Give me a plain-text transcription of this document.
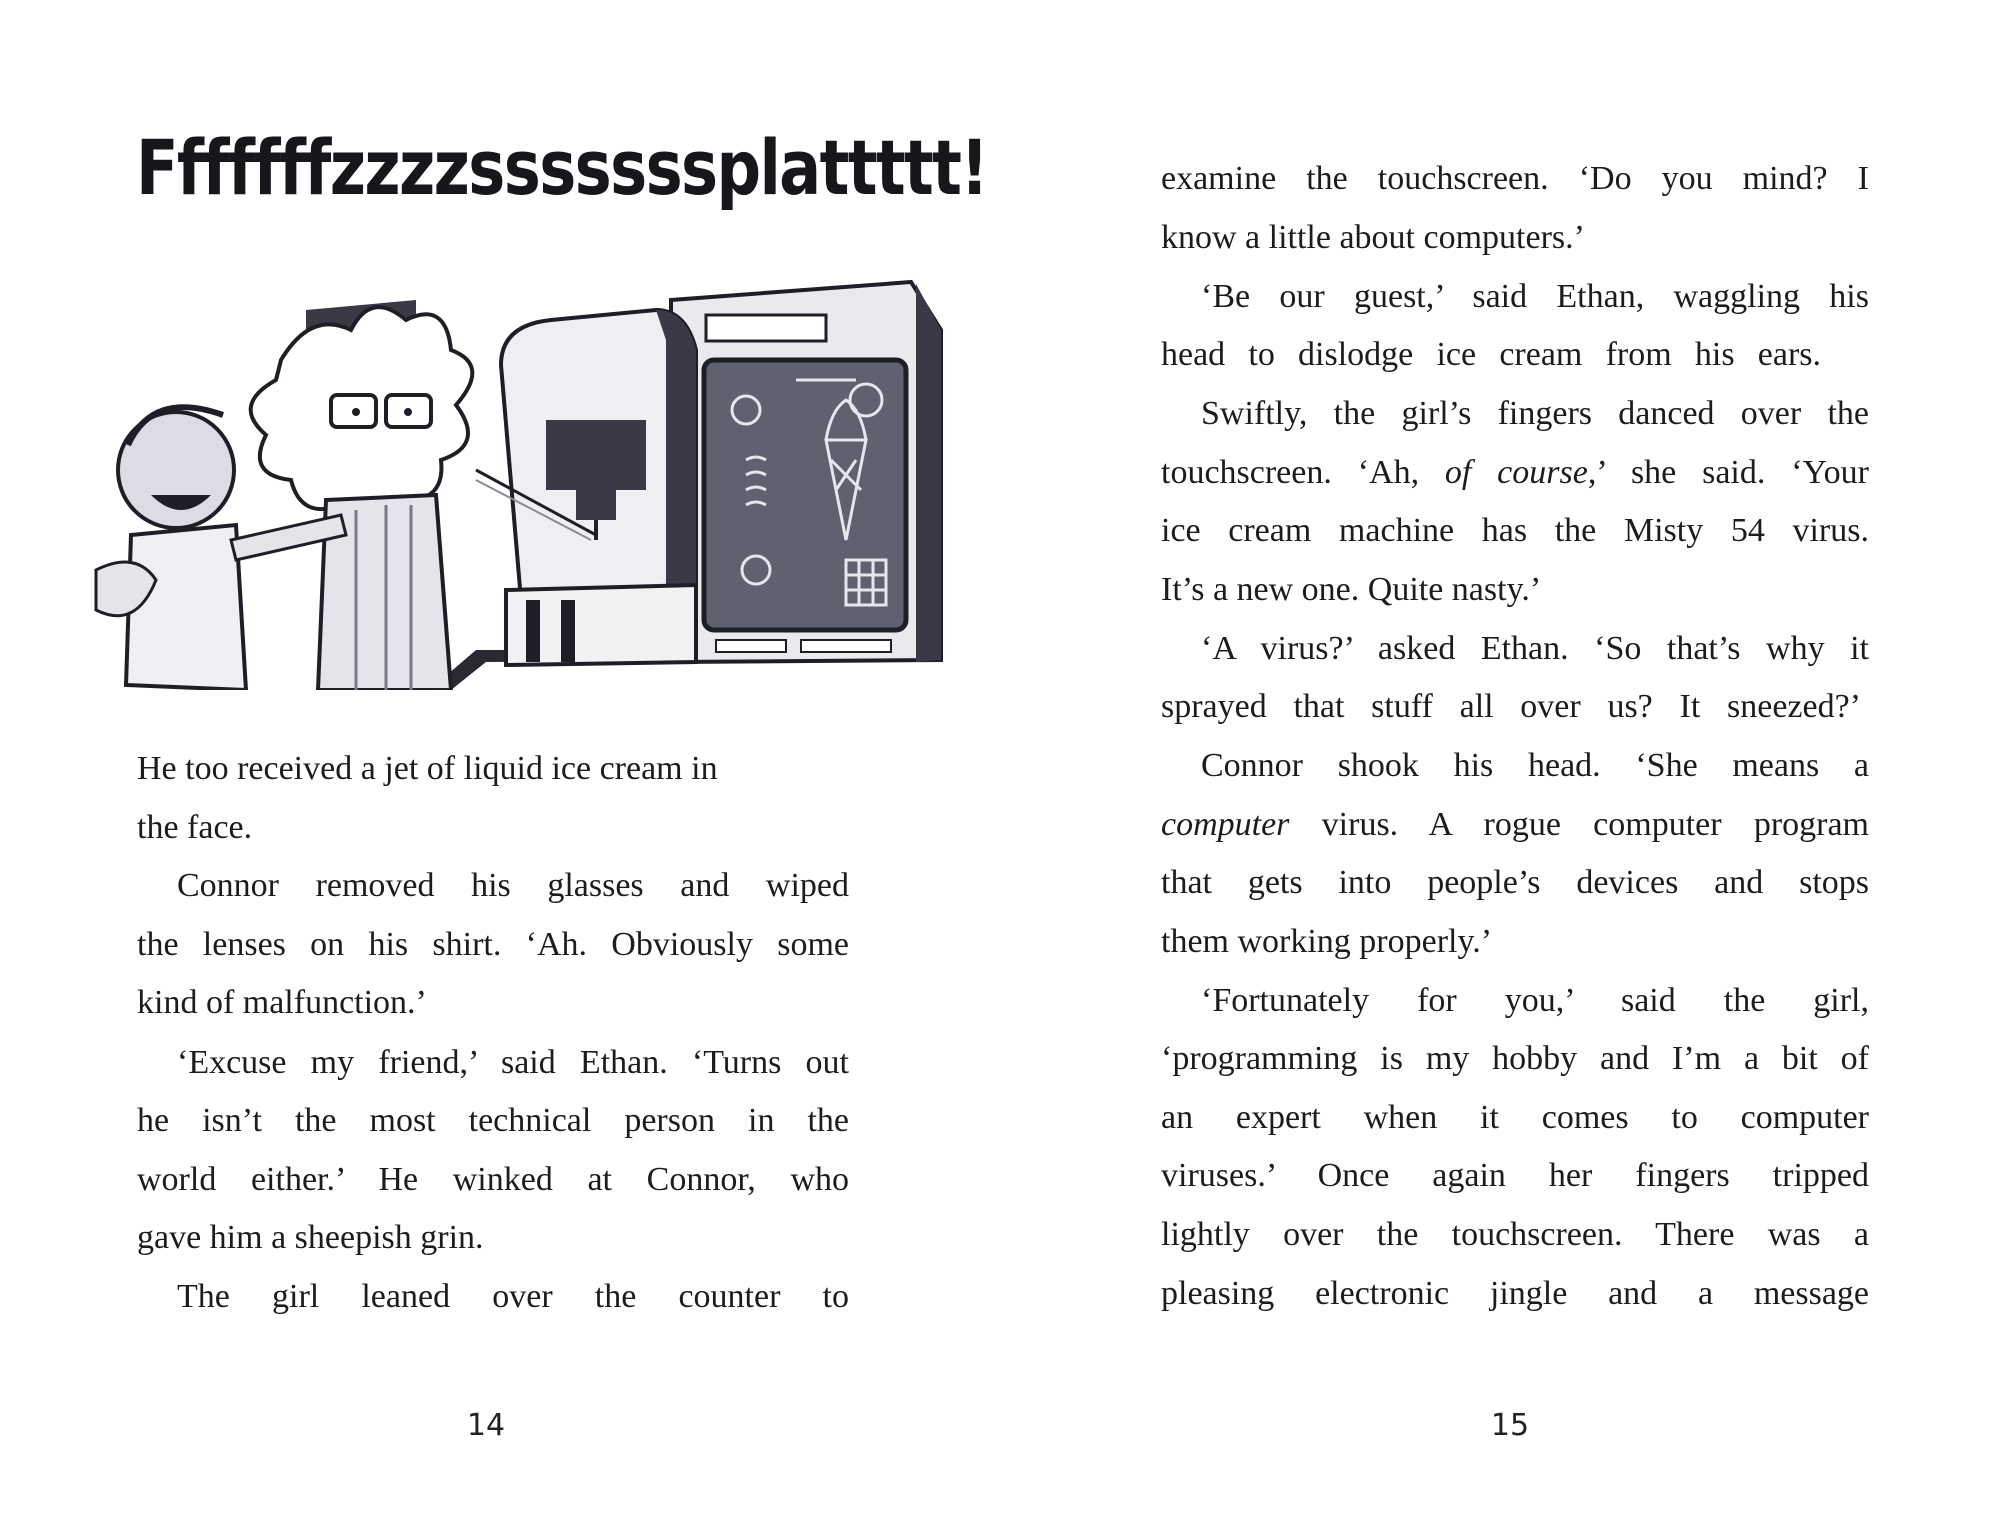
Fffffffzzzzsssssssplattttt!
He too received a jet of liquid ice cream in
the face.
Connor removed his glasses and wiped
the lenses on his shirt. ‘Ah. Obviously some
kind of malfunction.’
‘Excuse my friend,’ said Ethan. ‘Turns out
he isn’t the most technical person in the
world either.’ He winked at Connor, who
gave him a sheepish grin.
The girl leaned over the counter to
14
examine the touchscreen. ‘Do you mind? I
know a little about computers.’
‘Be our guest,’ said Ethan, waggling his
head to dislodge ice cream from his ears.
Swiftly, the girl’s fingers danced over the
touchscreen. ‘Ah, of course,’ she said. ‘Your
ice cream machine has the Misty 54 virus.
It’s a new one. Quite nasty.’
‘A virus?’ asked Ethan. ‘So that’s why it
sprayed that stuff all over us? It sneezed?’
Connor shook his head. ‘She means a
computer virus. A rogue computer program
that gets into people’s devices and stops
them working properly.’
‘Fortunately for you,’ said the girl,
‘programming is my hobby and I’m a bit of
an expert when it comes to computer
viruses.’ Once again her fingers tripped
lightly over the touchscreen. There was a
pleasing electronic jingle and a message
15
